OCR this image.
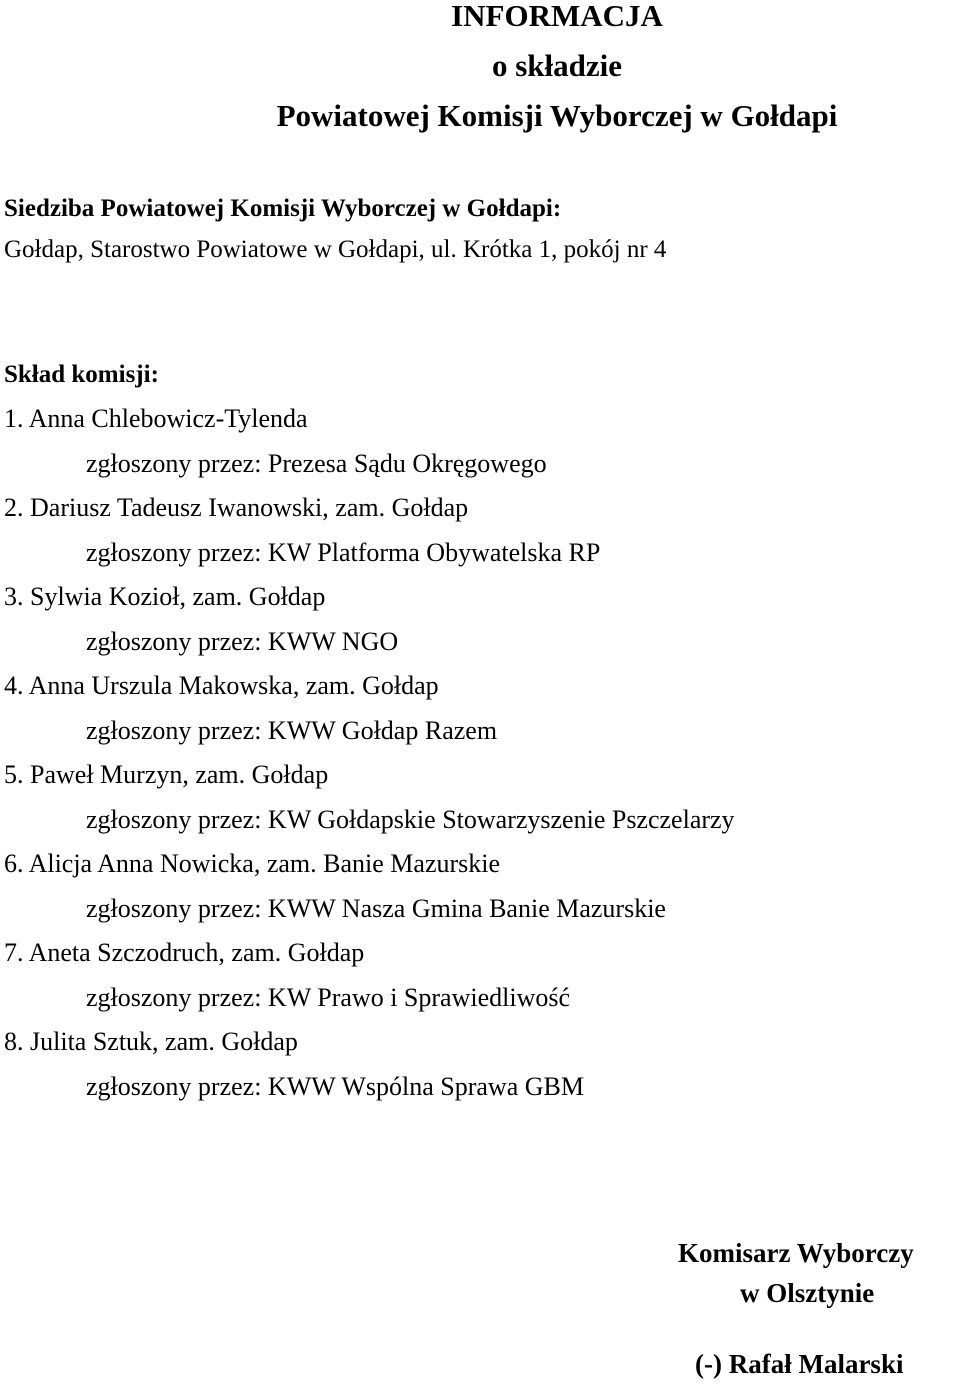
INFORMACJA
o składzie
Powiatowej Komisji Wyborczej w Gołdapi
Siedziba Powiatowej Komisji Wyborczej w Gołdapi:
Gołdap, Starostwo Powiatowe w Gołdapi, ul. Krótka 1, pokój nr 4
Skład komisji:
1. Anna Chlebowicz-Tylenda
zgłoszony przez: Prezesa Sądu Okręgowego
2. Dariusz Tadeusz Iwanowski, zam. Gołdap
zgłoszony przez: KW Platforma Obywatelska RP
3. Sylwia Kozioł, zam. Gołdap
zgłoszony przez: KWW NGO
4. Anna Urszula Makowska, zam. Gołdap
zgłoszony przez: KWW Gołdap Razem
5. Paweł Murzyn, zam. Gołdap
zgłoszony przez: KW Gołdapskie Stowarzyszenie Pszczelarzy
6. Alicja Anna Nowicka, zam. Banie Mazurskie
zgłoszony przez: KWW Nasza Gmina Banie Mazurskie
7. Aneta Szczodruch, zam. Gołdap
zgłoszony przez: KW Prawo i Sprawiedliwość
8. Julita Sztuk, zam. Gołdap
zgłoszony przez: KWW Wspólna Sprawa GBM
Komisarz Wyborczy
w Olsztynie
(-) Rafał Malarski
